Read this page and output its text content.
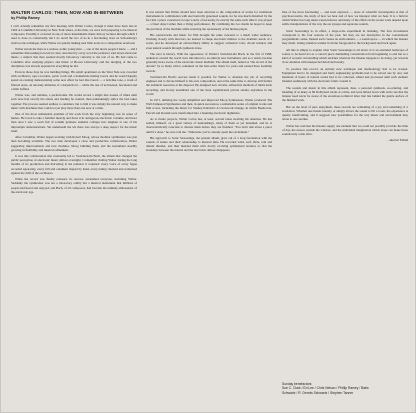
WALTER CARLOS: THEN, NOW AND IN-BETWEEN
by Phillip Ramey

I can't actually remember my first meeting with Walter Carlos, though it must have been late in 1962 at Columbia University in New York where, at the time, we were both preparing to be musical composers. Possibly it occurred in one of those interminable music history lectures through which I used to doze so contentedly, but I do recall the two of us in a fascinating class on Schoenberg's twelve-tone technique, while Walter sat quietly making neat little notes in a composition notebook.

Walter struck me then as a serious, polite young man — one of the nicest people I knew — and I remember him leaning forward in class, absorbed by every word the professor said about electronic music, a subject that then seemed mostly laboratory curiosity to the rest of us. He had come to Columbia after studying physics and music at Brown University, and the merging of the two disciplines was already apparent in everything he did.

Even in those days he was building things. His small apartment on the West Side was crowded with oscillators, tape recorders, patch cords and a homemade mixing board, and he would happily spend an evening demonstrating some new effect he had discovered — a bell-like tone, a wash of filtered noise, an uncanny imitation of a harpsichord — while the rest of us listened, fascinated and a little baffled.

Walter was, and remains, a perfectionist. He would record a single line dozens of times until each note had exactly the attack and shading he wanted, then painstakingly splice the best takes together. The process seemed endless to outsiders, but to him it was simply the natural way to make music with machines that could not yet play more than one note at a time.

One of the most remarkable qualities of his work from the very beginning was its sense of humor. He loved to take a familiar melody and dress it in outrageous electronic costume, and more than once I saw a room full of solemn graduate students collapse into laughter at one of his impromptu demonstrations. Yet underneath the wit there was always a deep respect for the music itself.

After Columbia, Walter began working with Robert Moog, whose modular synthesizer was just then becoming available. The two men developed a close and productive collaboration, Walter suggesting improvements and new modules, Moog building them, and the instrument steadily growing in flexibility and musical refinement.

It was this collaboration that eventually led to Switched-On Bach, the album that changed the public perception of electronic music almost overnight. I remember visiting Walter during the long months of its production and marveling at the patience it required: every voice of every fugue recorded separately, every trill and ornament shaped by hand, every tuning checked and rechecked against the drift of the oscillators.

When the record was finally released, its success astonished everyone, including Walter. Suddenly the synthesizer was not a laboratory oddity but a musical instrument that millions of people had heard and enjoyed, and Bach, of all composers, had become the unlikely ambassador of the electronic age.

It was natural that Walter should have been attracted to the composition of works for traditional instruments in combination with electronically generated sounds, for he was much disturbed by the fact that a piece conceived on tape would, of necessity, be exactly the same each time it was played — a fixed object rather than a living performance. By combining the two media he hoped to keep the precision of the machine while restoring the spontaneity of the human player.

His sound-tracks and music for film brought the same concerns to a much wider audience. Working closely with directors, he learned to shape electronic timbres to the dramatic needs of a scene, and he developed an extraordinary ability to suggest orchestral color, choral textures and even natural sounds through synthesis alone.

The next is history. With the appearance of Walter's Switched-On Bach, in the fall of 1968, audiences around the world were introduced to an entirely new instrument, and as a result, became generally more aware of the electronic music medium. The album itself, hailed as "the record of the decade" by so many critics, remained on the best-seller charts for years and earned three Grammy awards.

Switched-On Bach's success made it possible for Walter to abandon the job of recording engineer and to devote himself to his own composition, and at the same time to develop still further the technical resources at his disposal. He designed new circuits, refined his methods of multi-track recording, and slowly assembled one of the most sophisticated private studios anywhere in the world.

In 1971, utilizing the vastly simplified and improved Moog Synthesizer, Walter produced The Well-Tempered Synthesizer and then, in quick succession, a remarkable series of original works and film scores, including the music for Stanley Kubrick's A Clockwork Orange, in which Beethoven, Purcell and Rossini were transformed into a haunting electronic nightmare.

As to future projects, Walter Carlos has, at least, several ideas awaiting his attention. He has settled, himself, on a great variety of undertakings, many of them as yet unnamed, and he is characteristically reluctant to discuss them before they are finished. "You don't talk about a piece until it's done," he once told me. "Otherwise you've already spent the excitement."

His approach to Sonic Seasonings, the present album, grew out of a long fascination with the sounds of nature and their relationship to musical time. He recorded wind, surf, birds, rain and distant thunder, and then blended them with slowly evolving synthesized textures so that the boundary between the natural and the electronic almost disappears.

One of the most fascinating — and least explored — areas of scientific investigation is that of psychoacoustics, the study of how we hear and of how we interpret what we hear. It is a field in which Walter has long taken a keen interest, and many of the effects in his recent work depend upon subtle manipulations of the way the ear groups and separates sounds.

Sonic Seasonings is, in effect, a large-scale experiment in listening. The four movements correspond to the four seasons of the year, but they are not descriptive in the conventional programmatic sense. Instead each creates an environment — a sound-space — in which the listener may dwell, letting attention wander from the foreground to the background and back again.

All this is simply to explain what Sonic Seasonings is all about. It is an extended landscape of sound, to be heard not as a concert piece demanding concentration from beginning to end but as a kind of acoustic surrounding which enriches whatever the listener happens to be doing, yet rewards close attention with unexpected detail and beauty.

To produce this record, an entirely new technique and methodology had to be created. Equipment had to be designed and built; engineering problems had to be solved one by one; and hundreds of hours of natural sound had to be collected, edited and processed until each element blended seamlessly with the electronic fabric around it.

The sounds and music in this album represent, then, a personal synthesis, re-ordering, and blending of as many as 96 Dolbyized tracks at a time, and were mixed down with such care that the listener need never be aware of the enormous technical labor that lies behind the gentle surface of the finished work.

But on the level of pure enjoyment, these records are something of a joy and something of a revelation. Whether one listens intently or simply allows the sound to fill a room, the experience is quietly transforming, and it suggests new possibilities for the way music and environment may relate to one another.

Walter has said that the listener supply one element that we could not possibly provide: the time of day, the season outside the window, and the individual imagination which alone can make these sounds truly come alive.

—Rachel Elkind

Sunday benefactors:
Sue C. Clark / Ed Lee / Chris Nelson / Phillip Ramey / Babs
Schwartz / R. Dennis Schwartz / Stephen Tanner
